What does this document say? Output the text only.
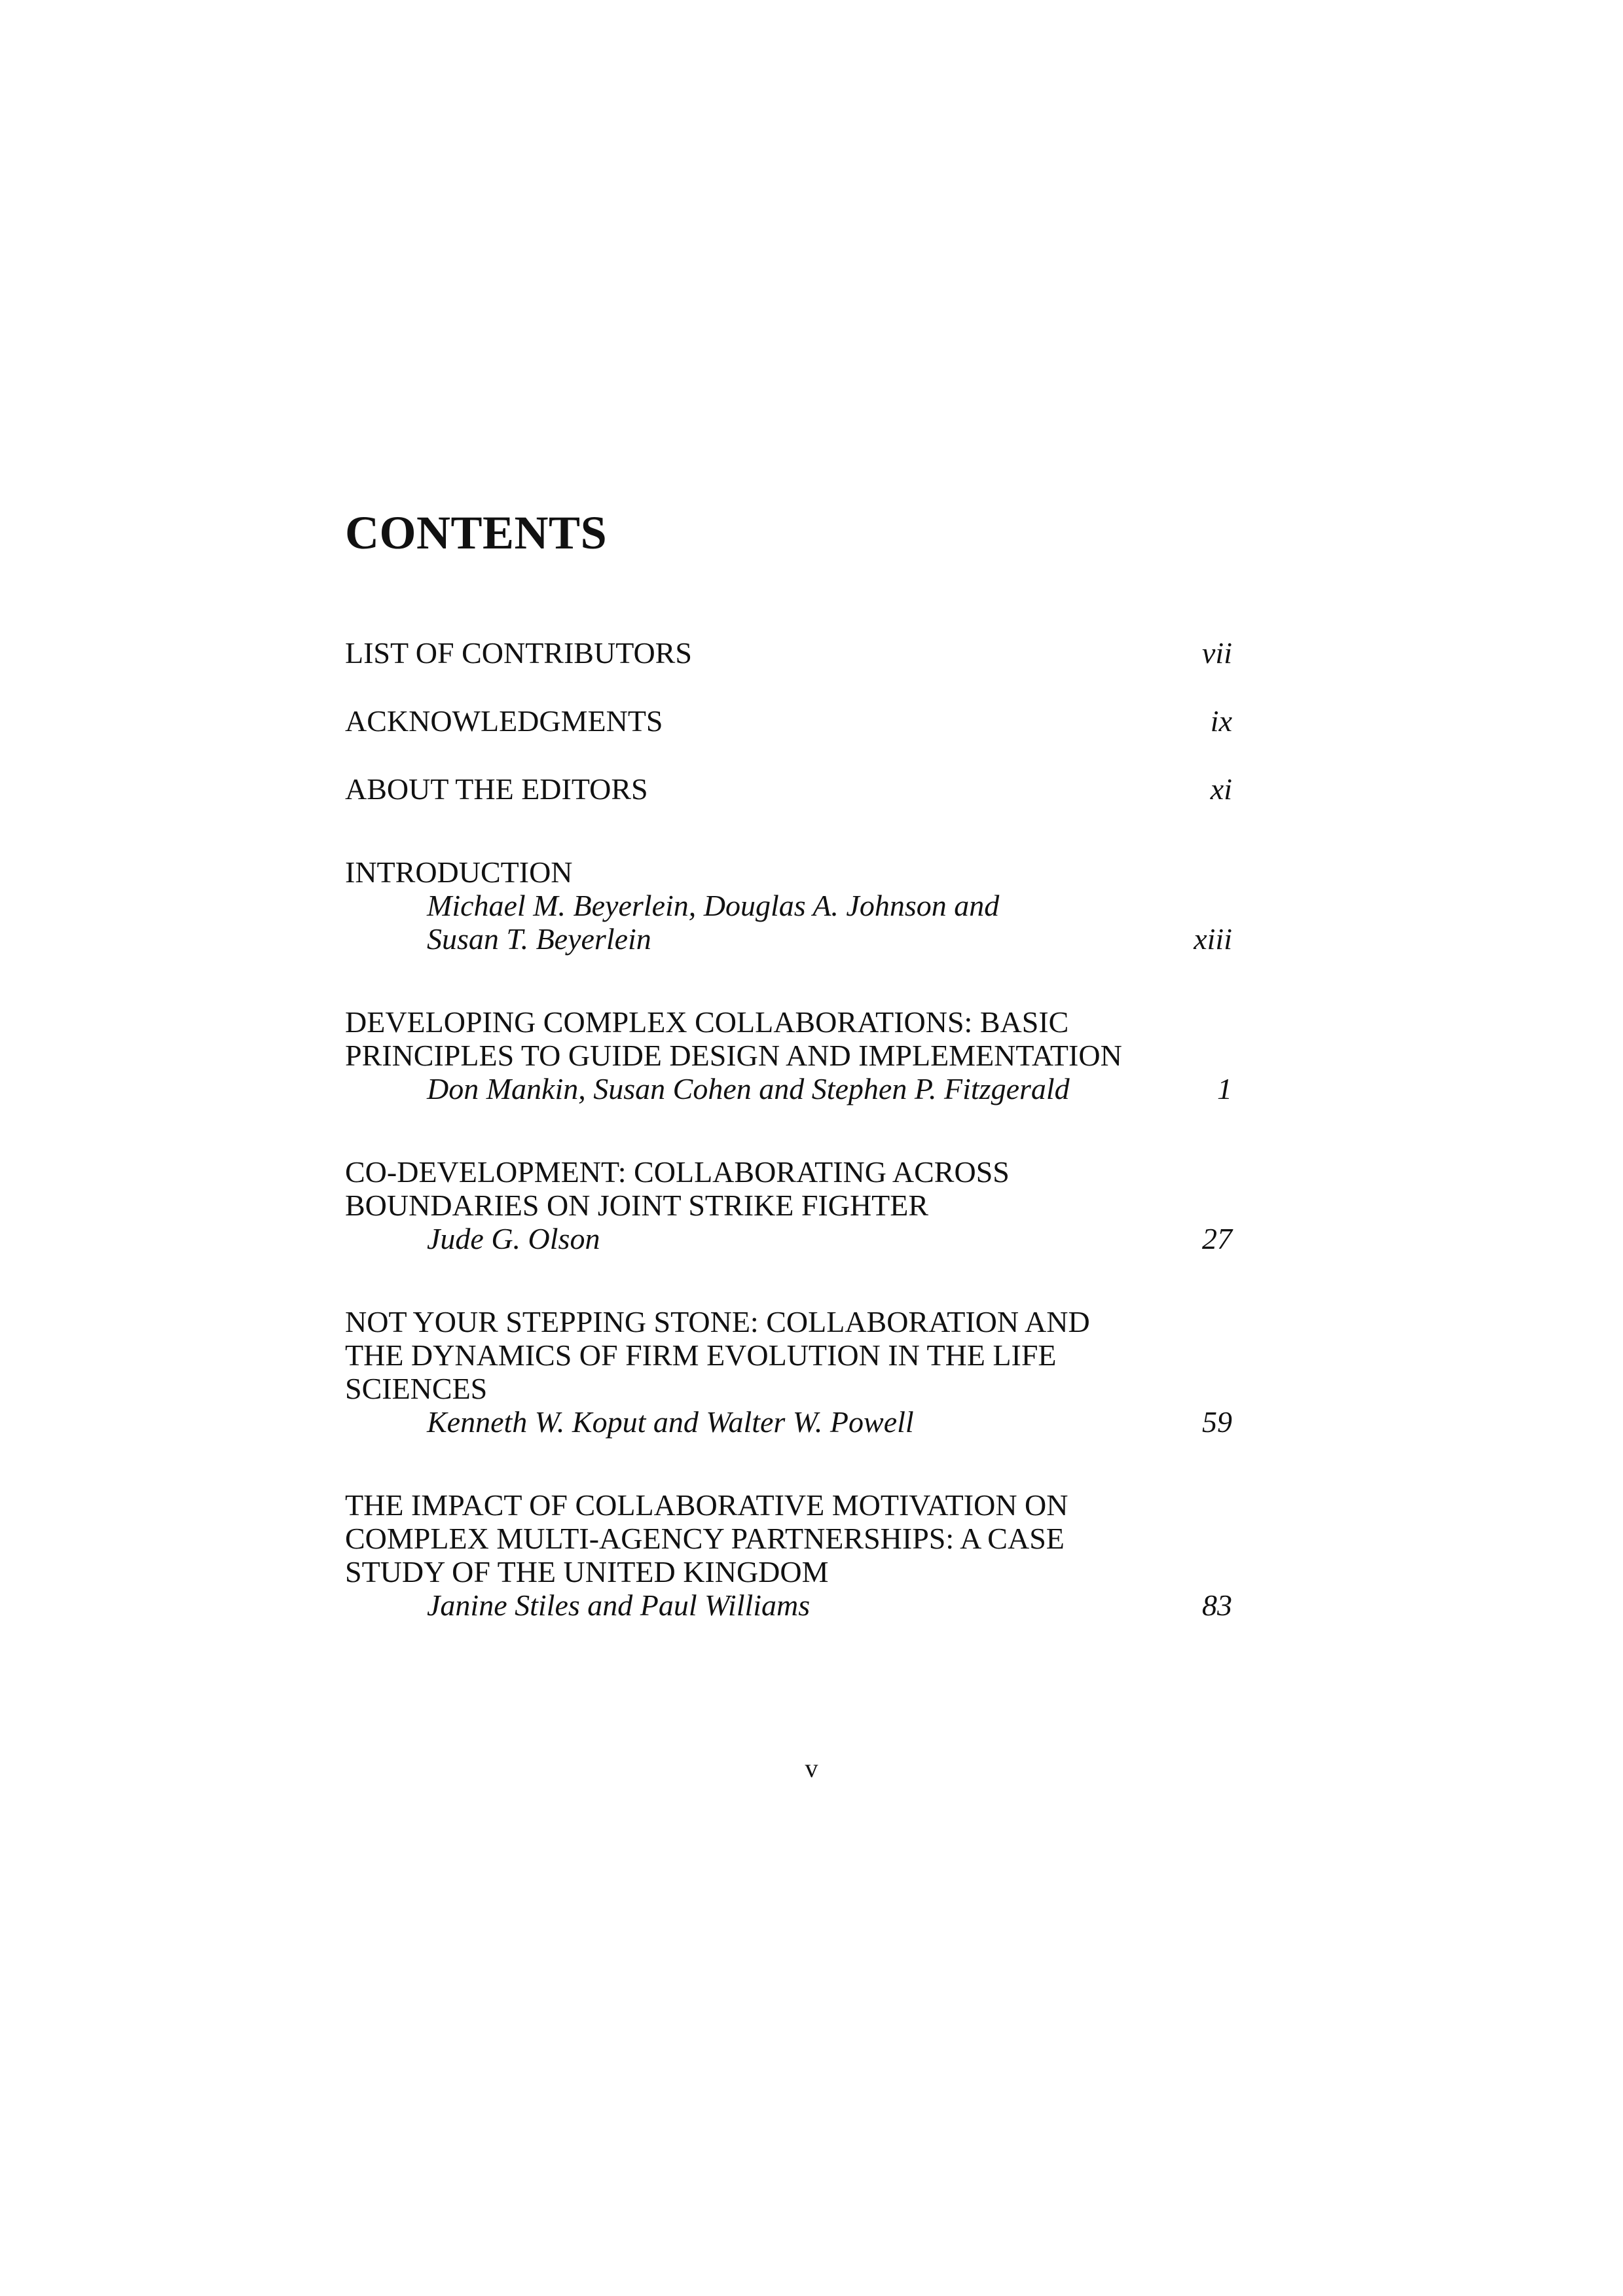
CONTENTS
LIST OF CONTRIBUTORS	vii
ACKNOWLEDGMENTS	ix
ABOUT THE EDITORS	xi
INTRODUCTION
Michael M. Beyerlein, Douglas A. Johnson and
Susan T. Beyerlein	xiii
DEVELOPING COMPLEX COLLABORATIONS: BASIC
PRINCIPLES TO GUIDE DESIGN AND IMPLEMENTATION
Don Mankin, Susan Cohen and Stephen P. Fitzgerald	1
CO-DEVELOPMENT: COLLABORATING ACROSS
BOUNDARIES ON JOINT STRIKE FIGHTER
Jude G. Olson	27
NOT YOUR STEPPING STONE: COLLABORATION AND
THE DYNAMICS OF FIRM EVOLUTION IN THE LIFE
SCIENCES
Kenneth W. Koput and Walter W. Powell	59
THE IMPACT OF COLLABORATIVE MOTIVATION ON
COMPLEX MULTI-AGENCY PARTNERSHIPS: A CASE
STUDY OF THE UNITED KINGDOM
Janine Stiles and Paul Williams	83
v
